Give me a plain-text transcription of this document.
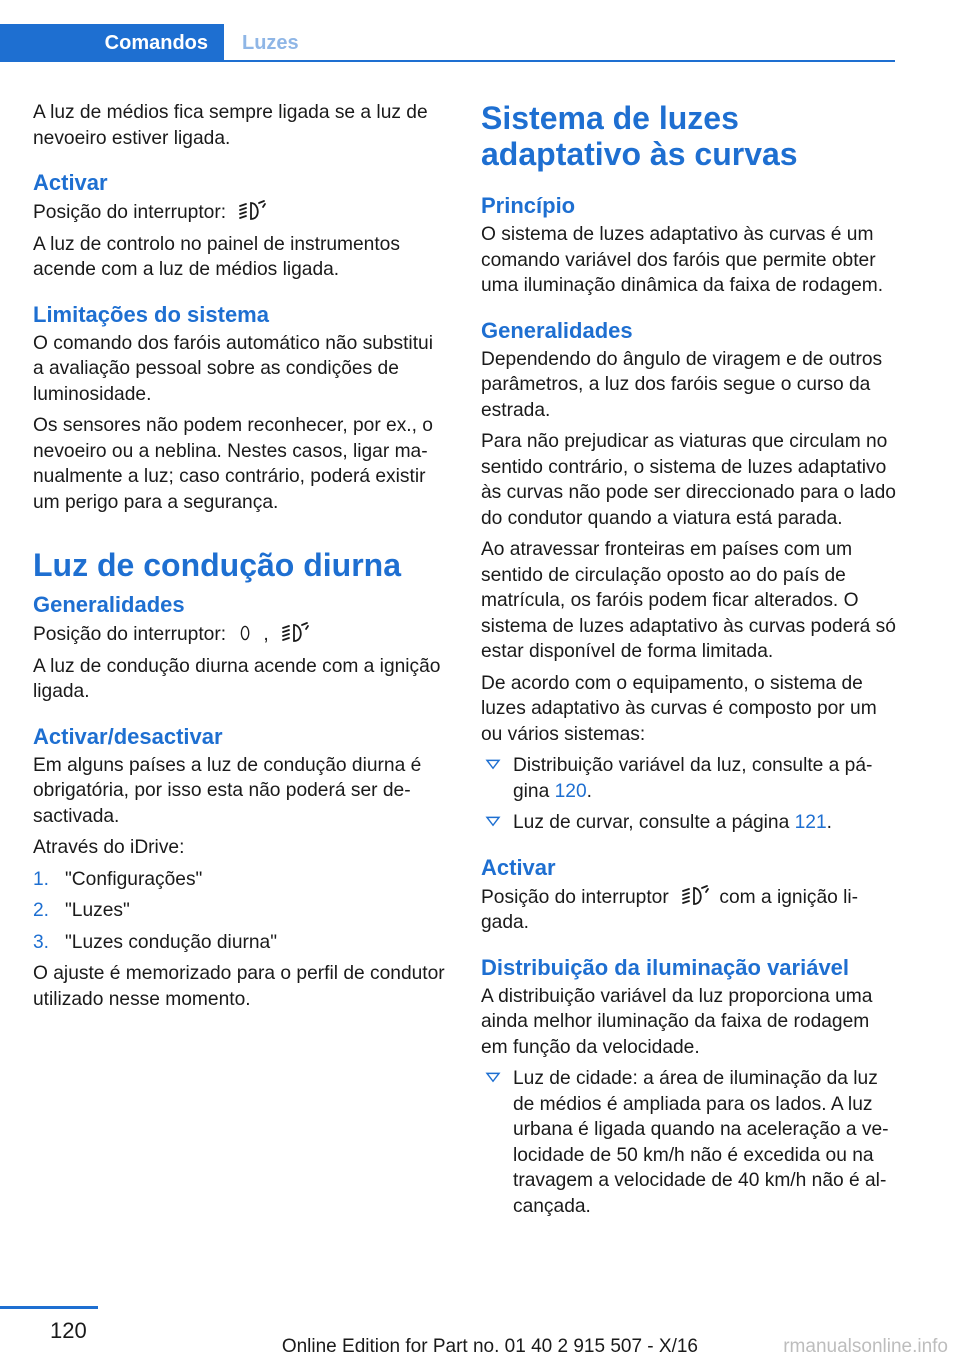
Comandos Luzes

A luz de médios fica sempre ligada se a luz de nevoeiro estiver ligada.

Activar

Posição do interruptor:

A luz de controlo no painel de instrumentos acende com a luz de médios ligada.

Limitações do sistema

O comando dos faróis automático não substitui a avaliação pessoal sobre as condições de luminosidade.

Os sensores não podem reconhecer, por ex., o nevoeiro ou a neblina. Nestes casos, ligar manualmente a luz; caso contrário, poderá existir um perigo para a segurança.

Luz de condução diurna
Generalidades

Posição do interruptor: ,

A luz de condução diurna acende com a ignição ligada.

Activar/desactivar

Em alguns países a luz de condução diurna é obrigatória, por isso esta não poderá ser desactivada.

Através do iDrive:

1. "Configurações"
2. "Luzes"
3. "Luzes condução diurna"

O ajuste é memorizado para o perfil de condutor utilizado nesse momento.

Sistema de luzes adaptativo às curvas
Princípio

O sistema de luzes adaptativo às curvas é um comando variável dos faróis que permite obter uma iluminação dinâmica da faixa de rodagem.

Generalidades

Dependendo do ângulo de viragem e de outros parâmetros, a luz dos faróis segue o curso da estrada.

Para não prejudicar as viaturas que circulam no sentido contrário, o sistema de luzes adaptativo às curvas não pode ser direccionado para o lado do condutor quando a viatura está parada.

Ao atravessar fronteiras em países com um sentido de circulação oposto ao do país de matrícula, os faróis podem ficar alterados. O sistema de luzes adaptativo às curvas poderá só estar disponível de forma limitada.

De acordo com o equipamento, o sistema de luzes adaptativo às curvas é composto por um ou vários sistemas:

Distribuição variável da luz, consulte a página 120.
Luz de curvar, consulte a página 121.
Activar

Posição do interruptor	com a ignição ligada.

Distribuição da iluminação variável

A distribuição variável da luz proporciona uma ainda melhor iluminação da faixa de rodagem em função da velocidade.

Luz de cidade: a área de iluminação da luz de médios é ampliada para os lados. A luz urbana é ligada quando na aceleração a velocidade de 50 km/h não é excedida ou na travagem a velocidade de 40 km/h não é alcançada.
120
Online Edition for Part no. 01 40 2 915 507 - X/16	rmanualsonline.info
